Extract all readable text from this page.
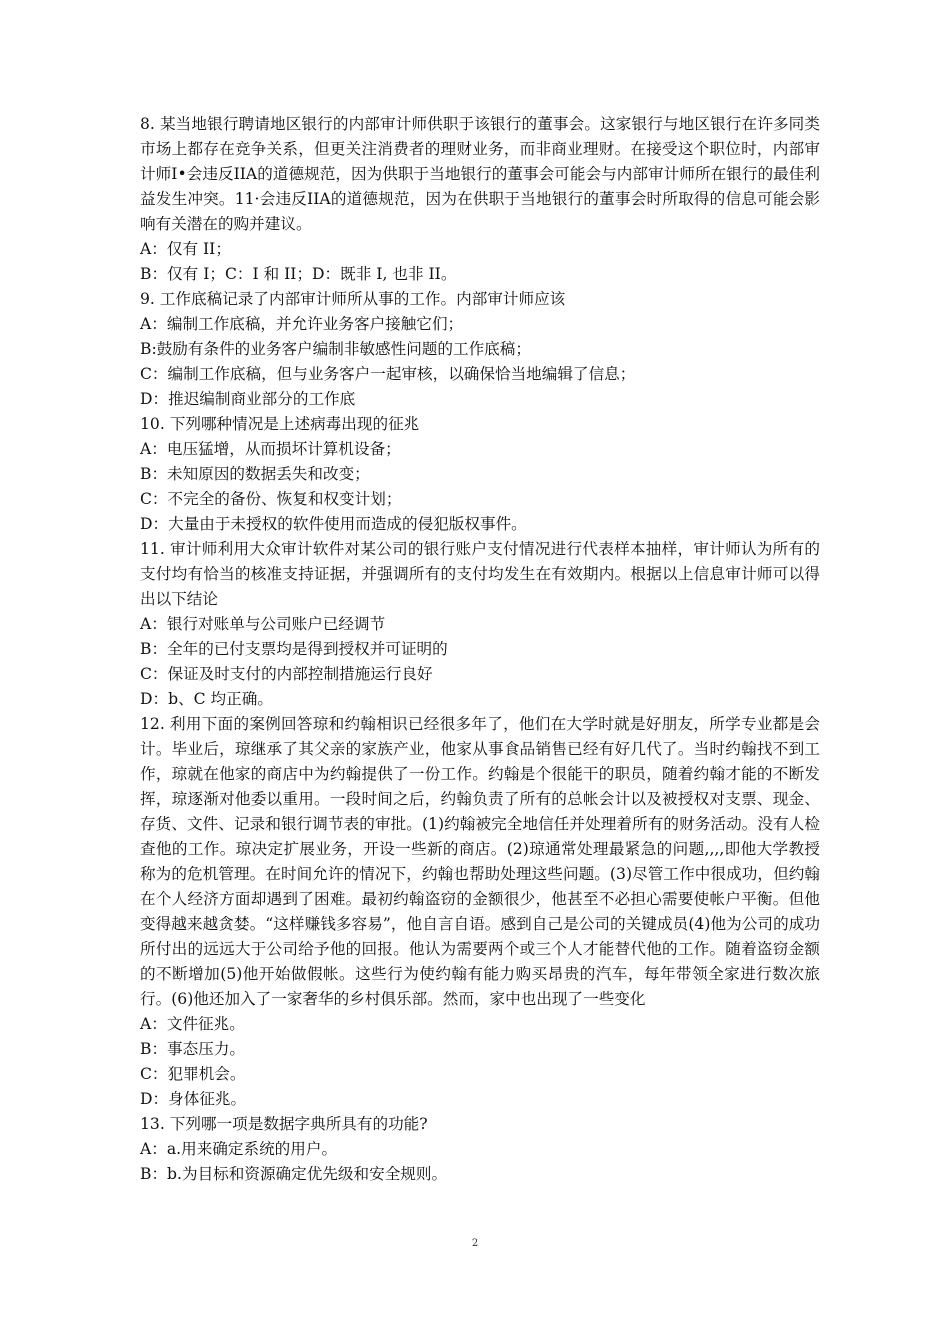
8. 某当地银行聘请地区银行的内部审计师供职于该银行的董事会。这家银行与地区银行在许多同类市场上都存在竞争关系，但更关注消费者的理财业务，而非商业理财。在接受这个职位时，内部审计师Ⅰ•会违反IIA的道德规范，因为供职于当地银行的董事会可能会与内部审计师所在银行的最佳利益发生冲突。11·会违反IIA的道德规范，因为在供职于当地银行的董事会时所取得的信息可能会影响有关潜在的购并建议。

A：仅有 II；

B：仅有 I；C：I 和 II；D：既非 I, 也非 II。

9. 工作底稿记录了内部审计师所从事的工作。内部审计师应该

A：编制工作底稿，并允许业务客户接触它们；

B:鼓励有条件的业务客户编制非敏感性问题的工作底稿；

C：编制工作底稿，但与业务客户一起审核，以确保恰当地编辑了信息；

D：推迟编制商业部分的工作底

10. 下列哪种情况是上述病毒出现的征兆

A：电压猛增，从而损坏计算机设备；

B：未知原因的数据丢失和改变；

C：不完全的备份、恢复和权变计划；

D：大量由于未授权的软件使用而造成的侵犯版权事件。

11. 审计师利用大众审计软件对某公司的银行账户支付情况进行代表样本抽样，审计师认为所有的支付均有恰当的核准支持证据，并强调所有的支付均发生在有效期内。根据以上信息审计师可以得出以下结论

A：银行对账单与公司账户已经调节

B：全年的已付支票均是得到授权并可证明的

C：保证及时支付的内部控制措施运行良好

D：b、C 均正确。

12. 利用下面的案例回答琼和约翰相识已经很多年了，他们在大学时就是好朋友，所学专业都是会计。毕业后，琼继承了其父亲的家族产业，他家从事食品销售已经有好几代了。当时约翰找不到工作，琼就在他家的商店中为约翰提供了一份工作。约翰是个很能干的职员，随着约翰才能的不断发挥，琼逐渐对他委以重用。一段时间之后，约翰负责了所有的总帐会计以及被授权对支票、现金、存货、文件、记录和银行调节表的审批。(1)约翰被完全地信任并处理着所有的财务活动。没有人检查他的工作。琼决定扩展业务，开设一些新的商店。(2)琼通常处理最紧急的问题,,,,即他大学教授称为的危机管理。在时间允许的情况下，约翰也帮助处理这些问题。(3)尽管工作中很成功，但约翰在个人经济方面却遇到了困难。最初约翰盗窃的金额很少，他甚至不必担心需要使帐户平衡。但他变得越来越贪婪。“这样赚钱多容易”，他自言自语。感到自己是公司的关键成员(4)他为公司的成功所付出的远远大于公司给予他的回报。他认为需要两个或三个人才能替代他的工作。随着盗窃金额的不断增加(5)他开始做假帐。这些行为使约翰有能力购买昂贵的汽车，每年带领全家进行数次旅行。(6)他还加入了一家奢华的乡村俱乐部。然而，家中也出现了一些变化

A：文件征兆。

B：事态压力。

C：犯罪机会。

D：身体征兆。

13. 下列哪一项是数据字典所具有的功能?

A：a.用来确定系统的用户。

B：b.为目标和资源确定优先级和安全规则。

2
